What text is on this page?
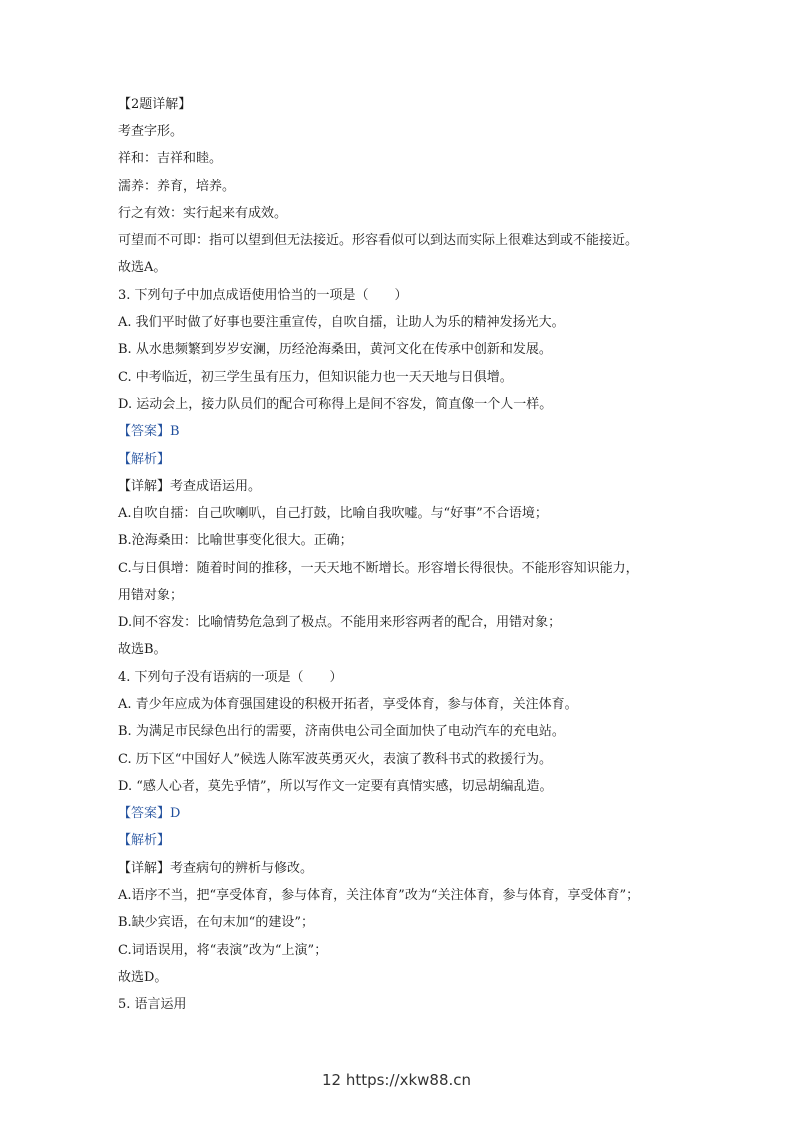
【2题详解】
考查字形。
祥和：吉祥和睦。
濡养：养育，培养。
行之有效：实行起来有成效。
可望而不可即：指可以望到但无法接近。形容看似可以到达而实际上很难达到或不能接近。
故选A。
3. 下列句子中加点成语使用恰当的一项是（　　）
A. 我们平时做了好事也要注重宣传，自吹自擂，让助人为乐的精神发扬光大。
B. 从水患频繁到岁岁安澜，历经沧海桑田，黄河文化在传承中创新和发展。
C. 中考临近，初三学生虽有压力，但知识能力也一天天地与日俱增。
D. 运动会上，接力队员们的配合可称得上是间不容发，简直像一个人一样。
【答案】B
【解析】
【详解】考查成语运用。
A.自吹自擂：自己吹喇叭，自己打鼓，比喻自我吹嘘。与“好事”不合语境；
B.沧海桑田：比喻世事变化很大。正确；
C.与日俱增：随着时间的推移，一天天地不断增长。形容增长得很快。不能形容知识能力，
用错对象；
D.间不容发：比喻情势危急到了极点。不能用来形容两者的配合，用错对象；
故选B。
4. 下列句子没有语病的一项是（　　）
A. 青少年应成为体育强国建设的积极开拓者，享受体育，参与体育，关注体育。
B. 为满足市民绿色出行的需要，济南供电公司全面加快了电动汽车的充电站。
C. 历下区“中国好人”候选人陈军波英勇灭火，表演了教科书式的救援行为。
D. “感人心者，莫先乎情”，所以写作文一定要有真情实感，切忌胡编乱造。
【答案】D
【解析】
【详解】考查病句的辨析与修改。
A.语序不当，把“享受体育，参与体育，关注体育”改为“关注体育，参与体育，享受体育”；
B.缺少宾语，在句末加“的建设”；
C.词语误用，将“表演”改为“上演”；
故选D。
5. 语言运用
12 https://xkw88.cn
